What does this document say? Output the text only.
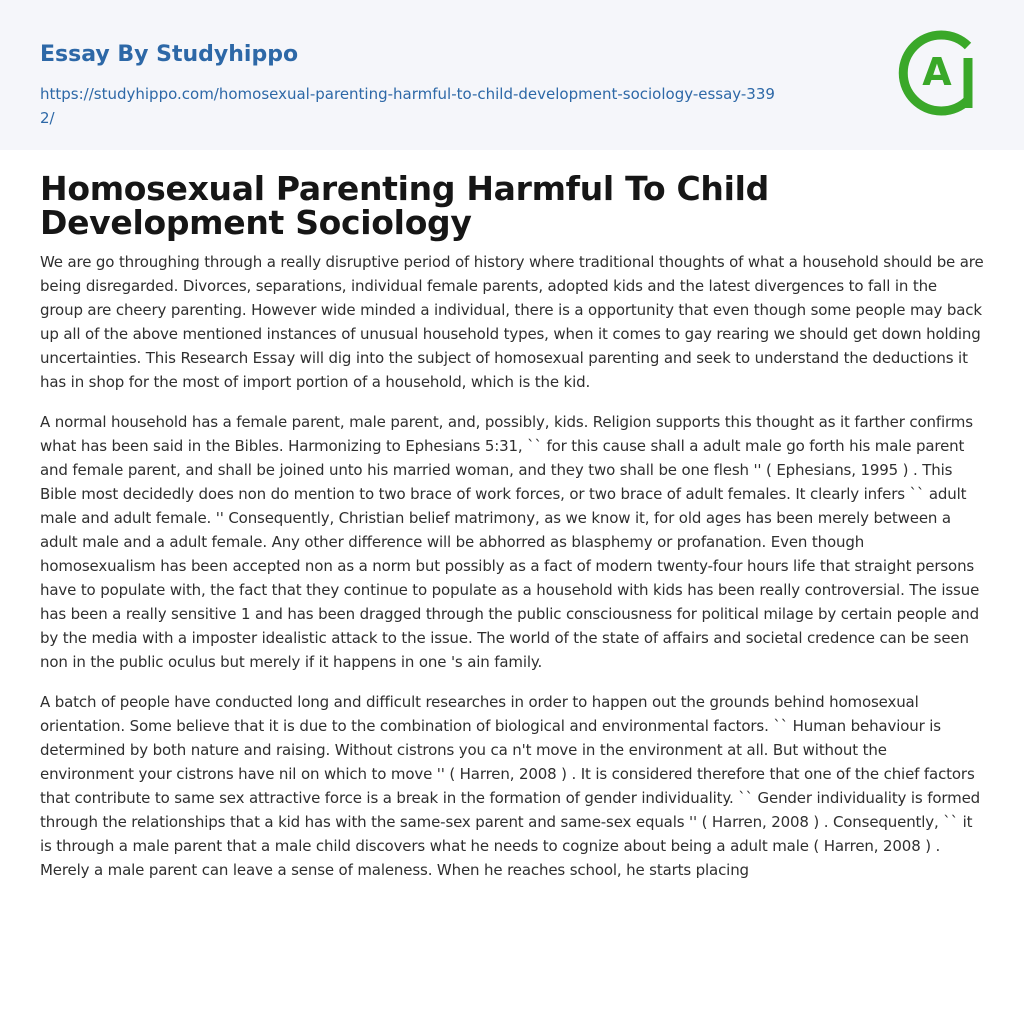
Essay By Studyhippo
https://studyhippo.com/homosexual-parenting-harmful-to-child-development-sociology-essay-3392/
A
Homosexual Parenting Harmful To Child Development Sociology

We are go throughing through a really disruptive period of history where traditional thoughts of what a household should be are being disregarded. Divorces, separations, individual female parents, adopted kids and the latest divergences to fall in the group are cheery parenting. However wide minded a individual, there is a opportunity that even though some people may back up all of the above mentioned instances of unusual household types, when it comes to gay rearing we should get down holding uncertainties. This Research Essay will dig into the subject of homosexual parenting and seek to understand the deductions it has in shop for the most of import portion of a household, which is the kid.

A normal household has a female parent, male parent, and, possibly, kids. Religion supports this thought as it farther confirms what has been said in the Bibles. Harmonizing to Ephesians 5:31, `` for this cause shall a adult male go forth his male parent and female parent, and shall be joined unto his married woman, and they two shall be one flesh '' ( Ephesians, 1995 ) . This Bible most decidedly does non do mention to two brace of work forces, or two brace of adult females. It clearly infers `` adult male and adult female. '' Consequently, Christian belief matrimony, as we know it, for old ages has been merely between a adult male and a adult female. Any other difference will be abhorred as blasphemy or profanation. Even though homosexualism has been accepted non as a norm but possibly as a fact of modern twenty-four hours life that straight persons have to populate with, the fact that they continue to populate as a household with kids has been really controversial. The issue has been a really sensitive 1 and has been dragged through the public consciousness for political milage by certain people and by the media with a imposter idealistic attack to the issue. The world of the state of affairs and societal credence can be seen non in the public oculus but merely if it happens in one 's ain family.

A batch of people have conducted long and difficult researches in order to happen out the grounds behind homosexual orientation. Some believe that it is due to the combination of biological and environmental factors. `` Human behaviour is determined by both nature and raising. Without cistrons you ca n't move in the environment at all. But without the environment your cistrons have nil on which to move '' ( Harren, 2008 ) . It is considered therefore that one of the chief factors that contribute to same sex attractive force is a break in the formation of gender individuality. `` Gender individuality is formed through the relationships that a kid has with the same-sex parent and same-sex equals '' ( Harren, 2008 ) . Consequently, `` it is through a male parent that a male child discovers what he needs to cognize about being a adult male ( Harren, 2008 ) . Merely a male parent can leave a sense of maleness. When he reaches school, he starts placing
